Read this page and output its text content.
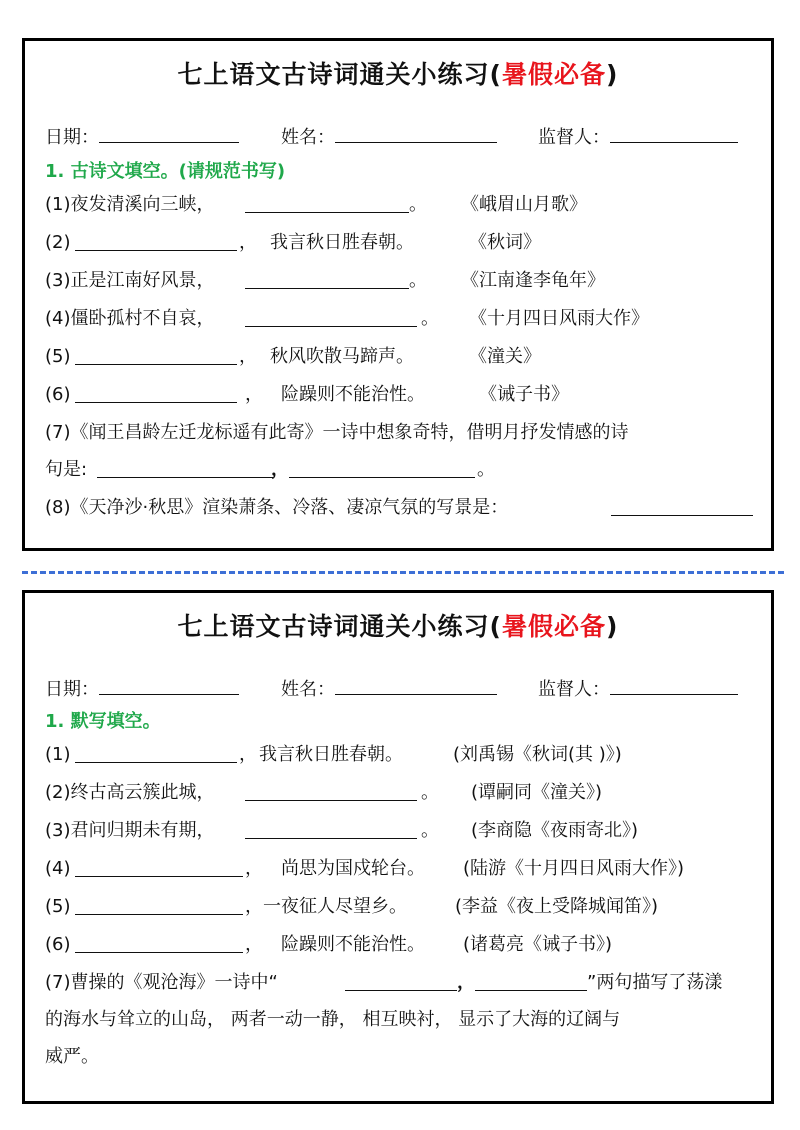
七上语文古诗词通关小练习(暑假必备)
日期：	姓名：	监督人：
1. 古诗文填空。(请规范书写)
(1)夜发清溪向三峡，	。 《峨眉山月歌》
(2)	， 我言秋日胜春朝。	《秋词》
(3)正是江南好风景，	。 《江南逢李龟年》
(4)僵卧孤村不自哀，	。 《十月四日风雨大作》
(5)	， 秋风吹散马蹄声。	《潼关》
(6)	， 险躁则不能治性。	《诫子书》
(7)《闻王昌龄左迁龙标遥有此寄》一诗中想象奇特，借明月抒发情感的诗
句是:	，	。
(8)《天净沙·秋思》渲染萧条、冷落、凄凉气氛的写景是：
七上语文古诗词通关小练习(暑假必备)
日期：	姓名：	监督人：
1. 默写填空。
(1)	， 我言秋日胜春朝。	(刘禹锡《秋词(其 )》)
(2)终古高云簇此城，	。 (谭嗣同《潼关》)
(3)君问归期未有期，	。 (李商隐《夜雨寄北》)
(4)	， 尚思为国戍轮台。 (陆游《十月四日风雨大作》)
(5)	，一夜征人尽望乡。	(李益《夜上受降城闻笛》)
(6)	， 险躁则不能治性。 (诸葛亮《诫子书》)
(7)曹操的《观沧海》一诗中“	，	”两句描写了荡漾
的海水与耸立的山岛， 两者一动一静， 相互映衬， 显示了大海的辽阔与
威严。
